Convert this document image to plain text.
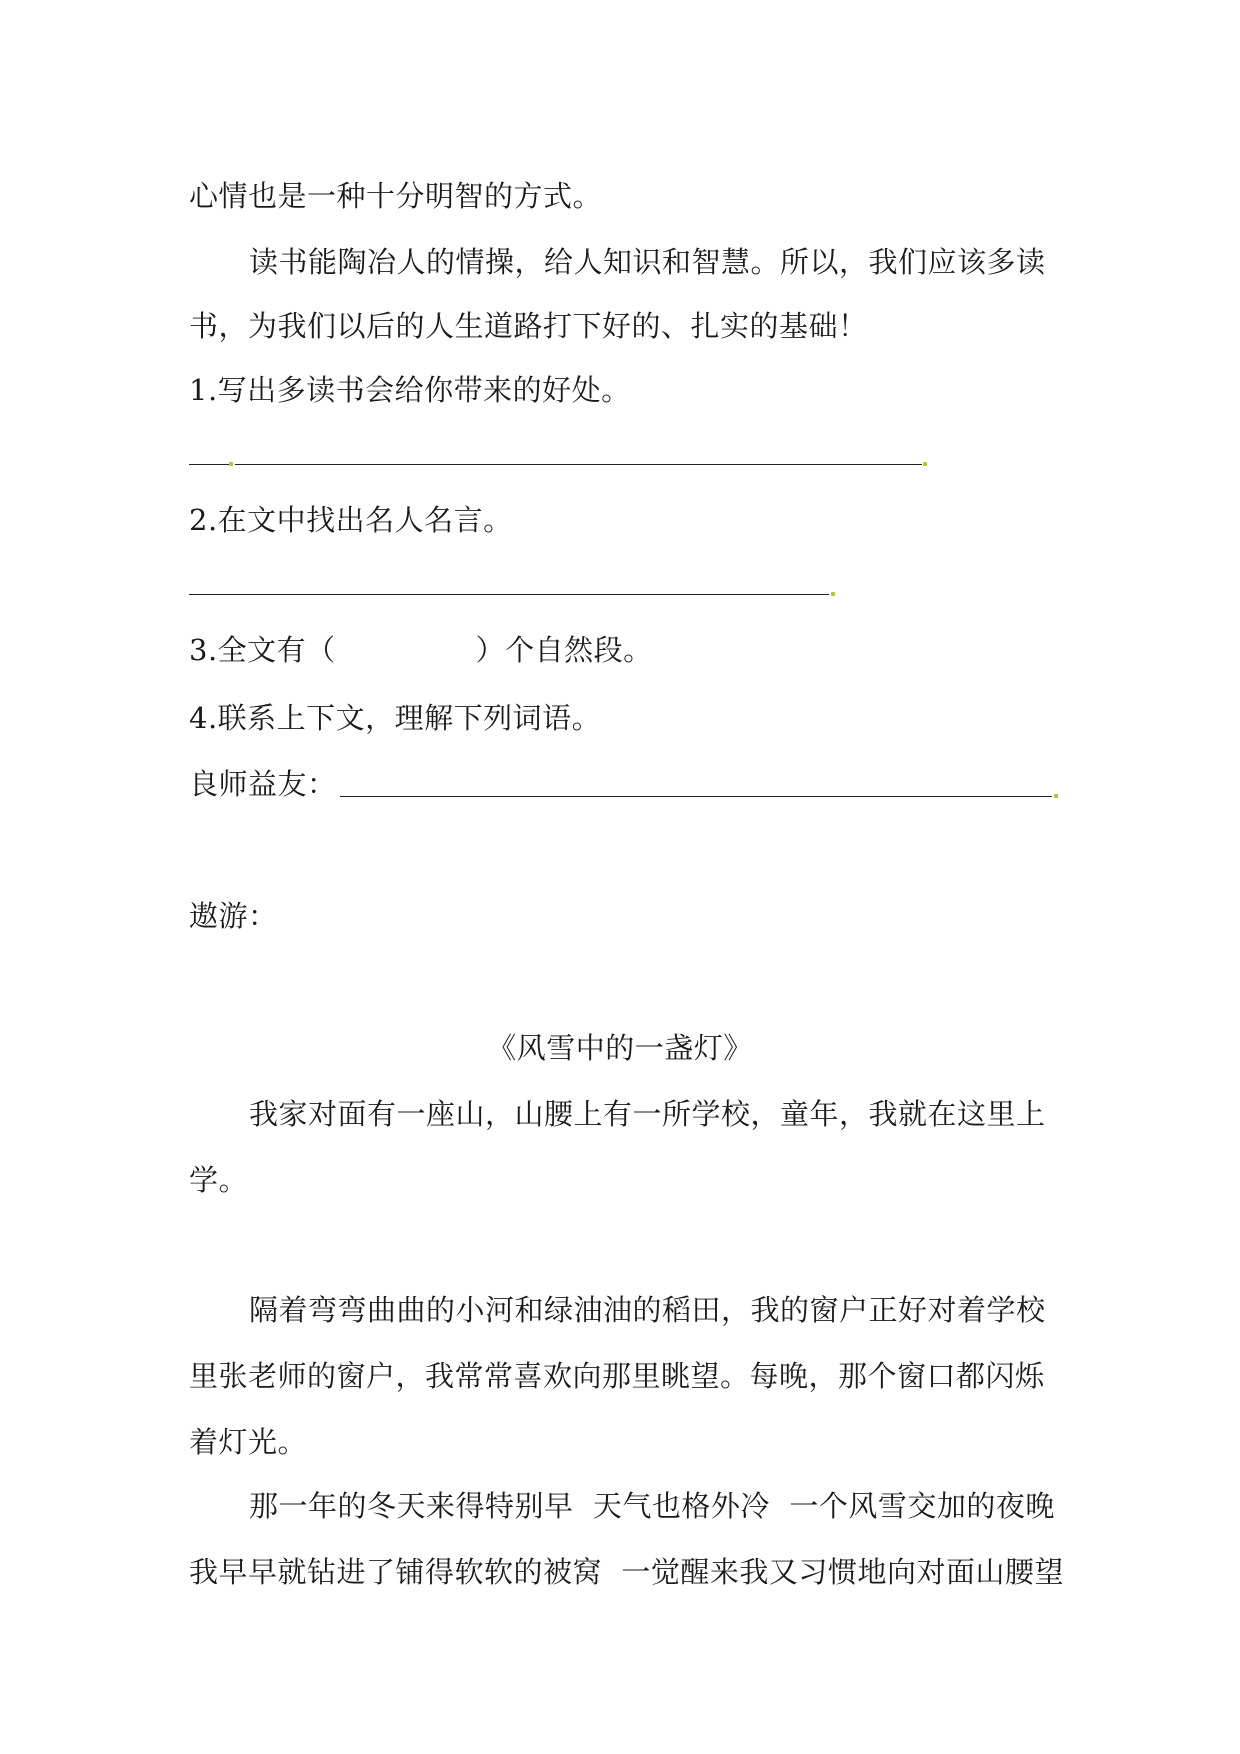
心情也是一种十分明智的方式。
读书能陶冶人的情操，给人知识和智慧。所以，我们应该多读
书，为我们以后的人生道路打下好的、扎实的基础！
1.写出多读书会给你带来的好处。
2.在文中找出名人名言。
3.全文有（	）个自然段。
4.联系上下文，理解下列词语。
良师益友：
遨游：
《风雪中的一盏灯》
我家对面有一座山，山腰上有一所学校，童年，我就在这里上
学。
隔着弯弯曲曲的小河和绿油油的稻田，我的窗户正好对着学校
里张老师的窗户，我常常喜欢向那里眺望。每晚，那个窗口都闪烁
着灯光。
那一年的冬天来得特别早  天气也格外冷  一个风雪交加的夜晚
我早早就钻进了铺得软软的被窝  一觉醒来我又习惯地向对面山腰望
